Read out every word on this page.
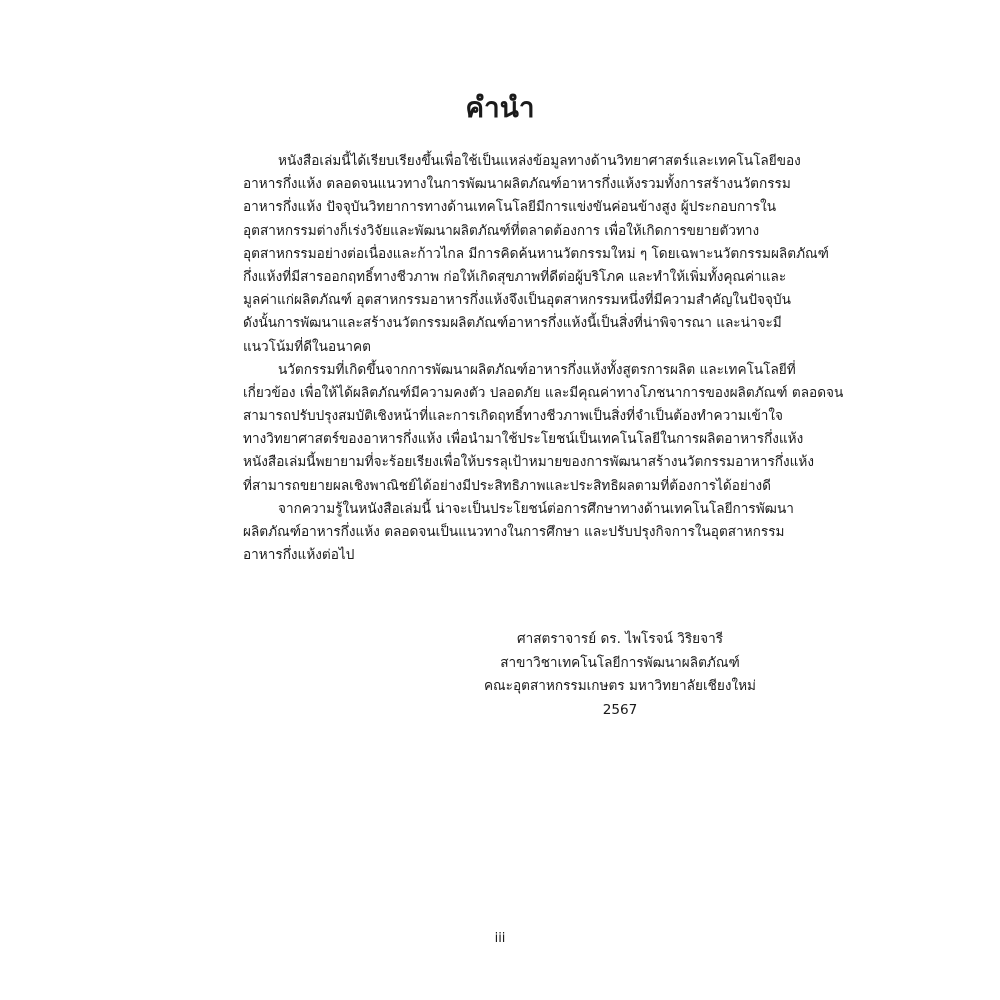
คำนำ
หนังสือเล่มนี้ได้เรียบเรียงขึ้นเพื่อใช้เป็นแหล่งข้อมูลทางด้านวิทยาศาสตร์และเทคโนโลยีของ
อาหารกึ่งแห้ง ตลอดจนแนวทางในการพัฒนาผลิตภัณฑ์อาหารกึ่งแห้งรวมทั้งการสร้างนวัตกรรม
อาหารกึ่งแห้ง ปัจจุบันวิทยาการทางด้านเทคโนโลยีมีการแข่งขันค่อนข้างสูง ผู้ประกอบการใน
อุตสาหกรรมต่างก็เร่งวิจัยและพัฒนาผลิตภัณฑ์ที่ตลาดต้องการ เพื่อให้เกิดการขยายตัวทาง
อุตสาหกรรมอย่างต่อเนื่องและก้าวไกล มีการคิดค้นหานวัตกรรมใหม่ ๆ โดยเฉพาะนวัตกรรมผลิตภัณฑ์
กึ่งแห้งที่มีสารออกฤทธิ์ทางชีวภาพ ก่อให้เกิดสุขภาพที่ดีต่อผู้บริโภค และทำให้เพิ่มทั้งคุณค่าและ
มูลค่าแก่ผลิตภัณฑ์ อุตสาหกรรมอาหารกึ่งแห้งจึงเป็นอุตสาหกรรมหนึ่งที่มีความสำคัญในปัจจุบัน
ดังนั้นการพัฒนาและสร้างนวัตกรรมผลิตภัณฑ์อาหารกึ่งแห้งนี้เป็นสิ่งที่น่าพิจารณา และน่าจะมี
แนวโน้มที่ดีในอนาคต
นวัตกรรมที่เกิดขึ้นจากการพัฒนาผลิตภัณฑ์อาหารกึ่งแห้งทั้งสูตรการผลิต และเทคโนโลยีที่
เกี่ยวข้อง เพื่อให้ได้ผลิตภัณฑ์มีความคงตัว ปลอดภัย และมีคุณค่าทางโภชนาการของผลิตภัณฑ์ ตลอดจน
สามารถปรับปรุงสมบัติเชิงหน้าที่และการเกิดฤทธิ์ทางชีวภาพเป็นสิ่งที่จำเป็นต้องทำความเข้าใจ
ทางวิทยาศาสตร์ของอาหารกึ่งแห้ง เพื่อนำมาใช้ประโยชน์เป็นเทคโนโลยีในการผลิตอาหารกึ่งแห้ง
หนังสือเล่มนี้พยายามที่จะร้อยเรียงเพื่อให้บรรลุเป้าหมายของการพัฒนาสร้างนวัตกรรมอาหารกึ่งแห้ง
ที่สามารถขยายผลเชิงพาณิชย์ได้อย่างมีประสิทธิภาพและประสิทธิผลตามที่ต้องการได้อย่างดี
จากความรู้ในหนังสือเล่มนี้ น่าจะเป็นประโยชน์ต่อการศึกษาทางด้านเทคโนโลยีการพัฒนา
ผลิตภัณฑ์อาหารกึ่งแห้ง ตลอดจนเป็นแนวทางในการศึกษา และปรับปรุงกิจการในอุตสาหกรรม
อาหารกึ่งแห้งต่อไป
ศาสตราจารย์ ดร. ไพโรจน์ วิริยจารี
สาขาวิชาเทคโนโลยีการพัฒนาผลิตภัณฑ์
คณะอุตสาหกรรมเกษตร มหาวิทยาลัยเชียงใหม่
2567
iii
